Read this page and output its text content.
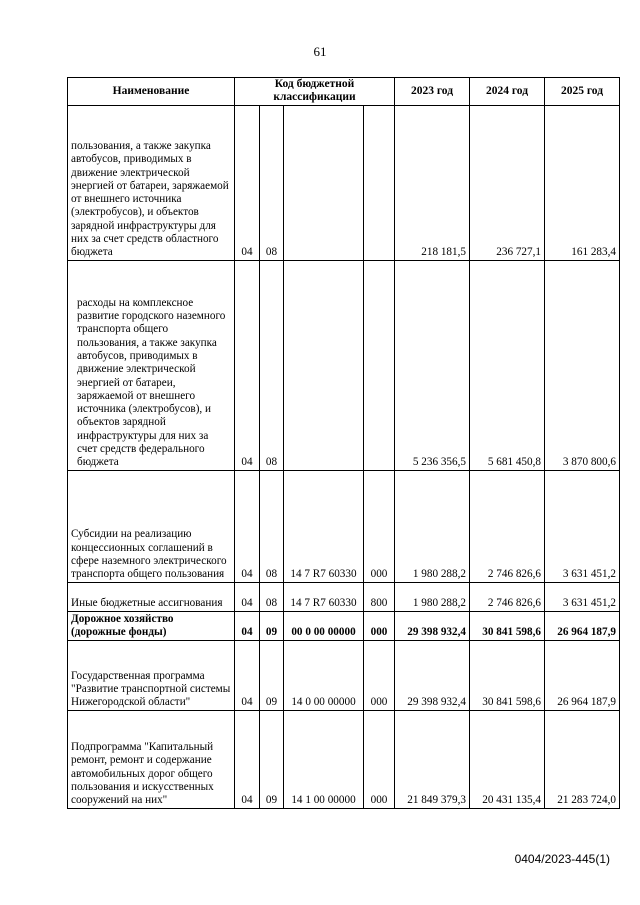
61
Наименование	Код бюджетной классификации				2023 год	2024 год	2025 год
пользования, а также закупка автобусов, приводимых в движение электрической энергией от батареи, заряжаемой от внешнего источника (электробусов), и объектов зарядной инфраструктуры для них за счет средств областного бюджета	04	08			218 181,5	236 727,1	161 283,4
расходы на комплексное развитие городского наземного транспорта общего пользования, а также закупка автобусов, приводимых в движение электрической энергией от батареи, заряжаемой от внешнего источника (электробусов), и объектов зарядной инфраструктуры для них за счет средств федерального бюджета	04	08			5 236 356,5	5 681 450,8	3 870 800,6
Субсидии на реализацию концессионных соглашений в сфере наземного электрического транспорта общего пользования	04	08	14 7 R7 60330	000	1 980 288,2	2 746 826,6	3 631 451,2
Иные бюджетные ассигнования	04	08	14 7 R7 60330	800	1 980 288,2	2 746 826,6	3 631 451,2
Дорожное хозяйство (дорожные фонды)	04	09	00 0 00 00000	000	29 398 932,4	30 841 598,6	26 964 187,9
Государственная программа "Развитие транспортной системы Нижегородской области"	04	09	14 0 00 00000	000	29 398 932,4	30 841 598,6	26 964 187,9
Подпрограмма "Капитальный ремонт, ремонт и содержание автомобильных дорог общего пользования и искусственных сооружений на них"	04	09	14 1 00 00000	000	21 849 379,3	20 431 135,4	21 283 724,0
0404/2023-445(1)
